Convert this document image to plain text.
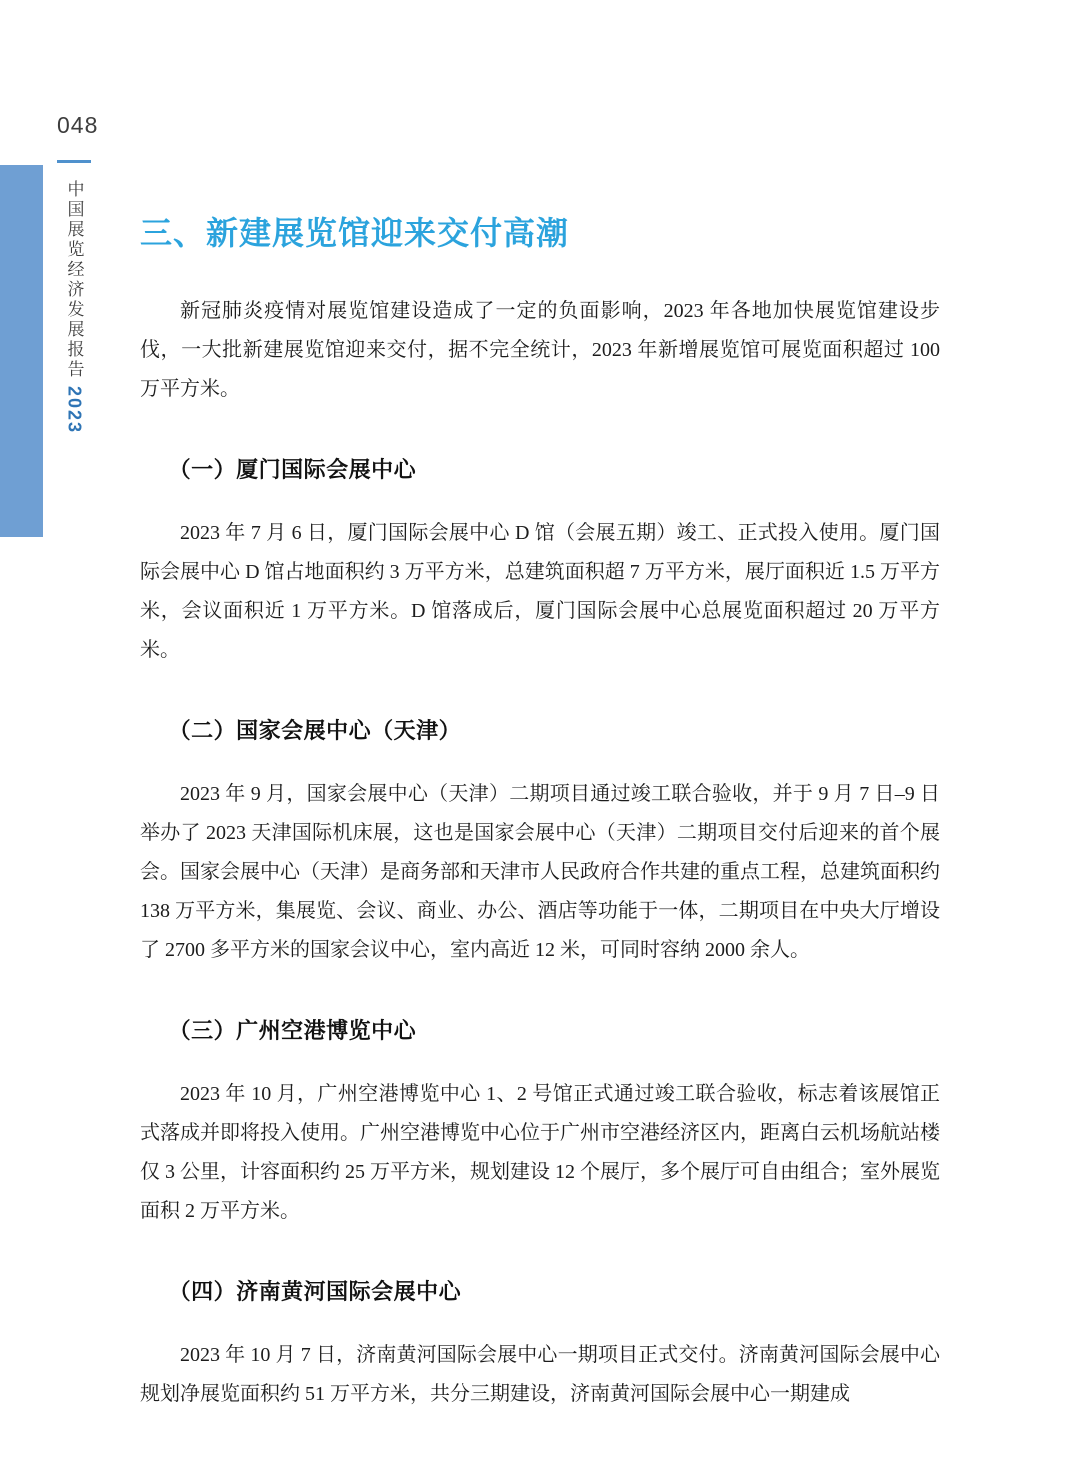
048
中国展览经济发展报告
2023
三、新建展览馆迎来交付高潮

新冠肺炎疫情对展览馆建设造成了一定的负面影响，2023 年各地加快展览馆建设步伐，一大批新建展览馆迎来交付，据不完全统计，2023 年新增展览馆可展览面积超过 100 万平方米。

（一）厦门国际会展中心

2023 年 7 月 6 日，厦门国际会展中心 D 馆（会展五期）竣工、正式投入使用。厦门国际会展中心 D 馆占地面积约 3 万平方米，总建筑面积超 7 万平方米，展厅面积近 1.5 万平方米，会议面积近 1 万平方米。D 馆落成后，厦门国际会展中心总展览面积超过 20 万平方米。

（二）国家会展中心（天津）

2023 年 9 月，国家会展中心（天津）二期项目通过竣工联合验收，并于 9 月 7 日–9 日举办了 2023 天津国际机床展，这也是国家会展中心（天津）二期项目交付后迎来的首个展会。国家会展中心（天津）是商务部和天津市人民政府合作共建的重点工程，总建筑面积约 138 万平方米，集展览、会议、商业、办公、酒店等功能于一体，二期项目在中央大厅增设了 2700 多平方米的国家会议中心，室内高近 12 米，可同时容纳 2000 余人。

（三）广州空港博览中心

2023 年 10 月，广州空港博览中心 1、2 号馆正式通过竣工联合验收，标志着该展馆正式落成并即将投入使用。广州空港博览中心位于广州市空港经济区内，距离白云机场航站楼仅 3 公里，计容面积约 25 万平方米，规划建设 12 个展厅，多个展厅可自由组合；室外展览面积 2 万平方米。

（四）济南黄河国际会展中心

2023 年 10 月 7 日，济南黄河国际会展中心一期项目正式交付。济南黄河国际会展中心规划净展览面积约 51 万平方米，共分三期建设，济南黄河国际会展中心一期建成
